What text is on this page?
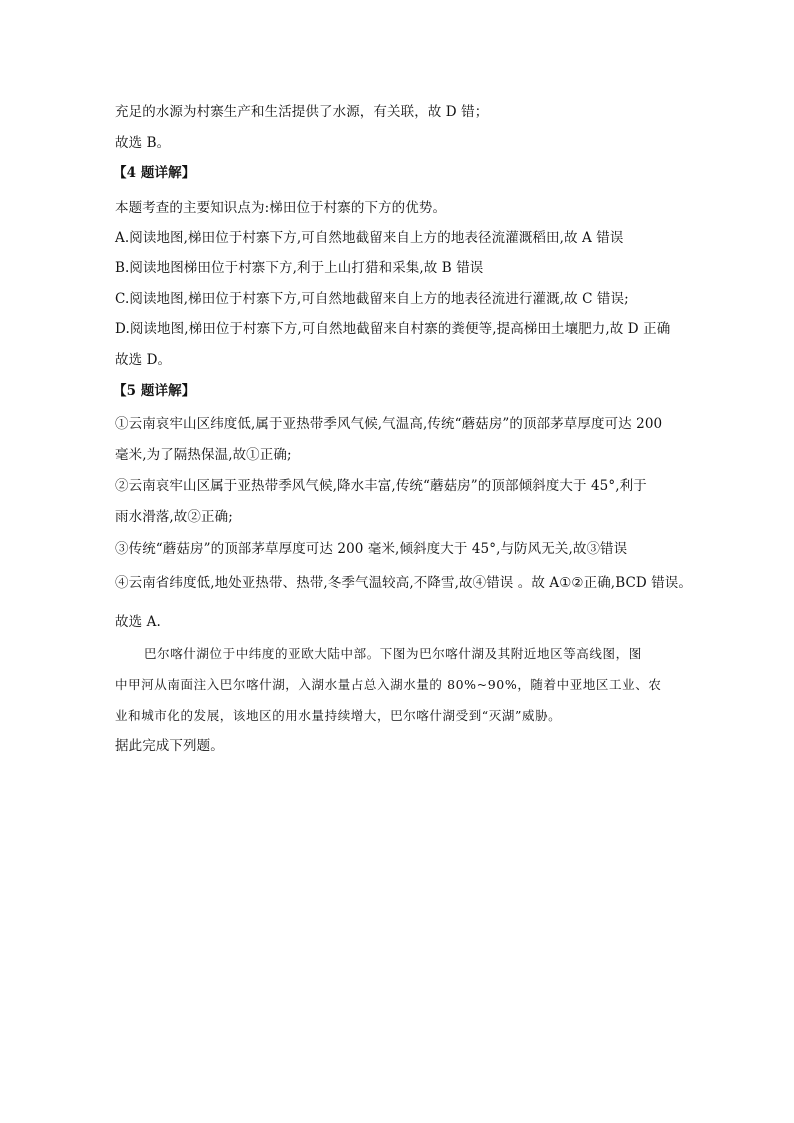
充足的水源为村寨生产和生活提供了水源，有关联，故 D 错；
故选 B。
【4 题详解】
本题考查的主要知识点为:梯田位于村寨的下方的优势。
A.阅读地图,梯田位于村寨下方,可自然地截留来自上方的地表径流灌溉稻田,故 A 错误
B.阅读地图梯田位于村寨下方,利于上山打猎和采集,故 B 错误
C.阅读地图,梯田位于村寨下方,可自然地截留来自上方的地表径流进行灌溉,故 C 错误;
D.阅读地图,梯田位于村寨下方,可自然地截留来自村寨的粪便等,提高梯田土壤肥力,故 D 正确
故选 D。
【5 题详解】
①云南哀牢山区纬度低,属于亚热带季风气候,气温高,传统“蘑菇房”的顶部茅草厚度可达 200
毫米,为了隔热保温,故①正确;
②云南哀牢山区属于亚热带季风气候,降水丰富,传统“蘑菇房”的顶部倾斜度大于 45°,利于
雨水滑落,故②正确;
③传统“蘑菇房”的顶部茅草厚度可达 200 毫米,倾斜度大于 45°,与防风无关,故③错误
④云南省纬度低,地处亚热带、热带,冬季气温较高,不降雪,故④错误 。故 A①②正确,BCD 错误。
故选 A.
巴尔喀什湖位于中纬度的亚欧大陆中部。下图为巴尔喀什湖及其附近地区等高线图，图
中甲河从南面注入巴尔喀什湖，入湖水量占总入湖水量的 80%~90%，随着中亚地区工业、农
业和城市化的发展，该地区的用水量持续增大，巴尔喀什湖受到“灭湖”威胁。
据此完成下列题。
